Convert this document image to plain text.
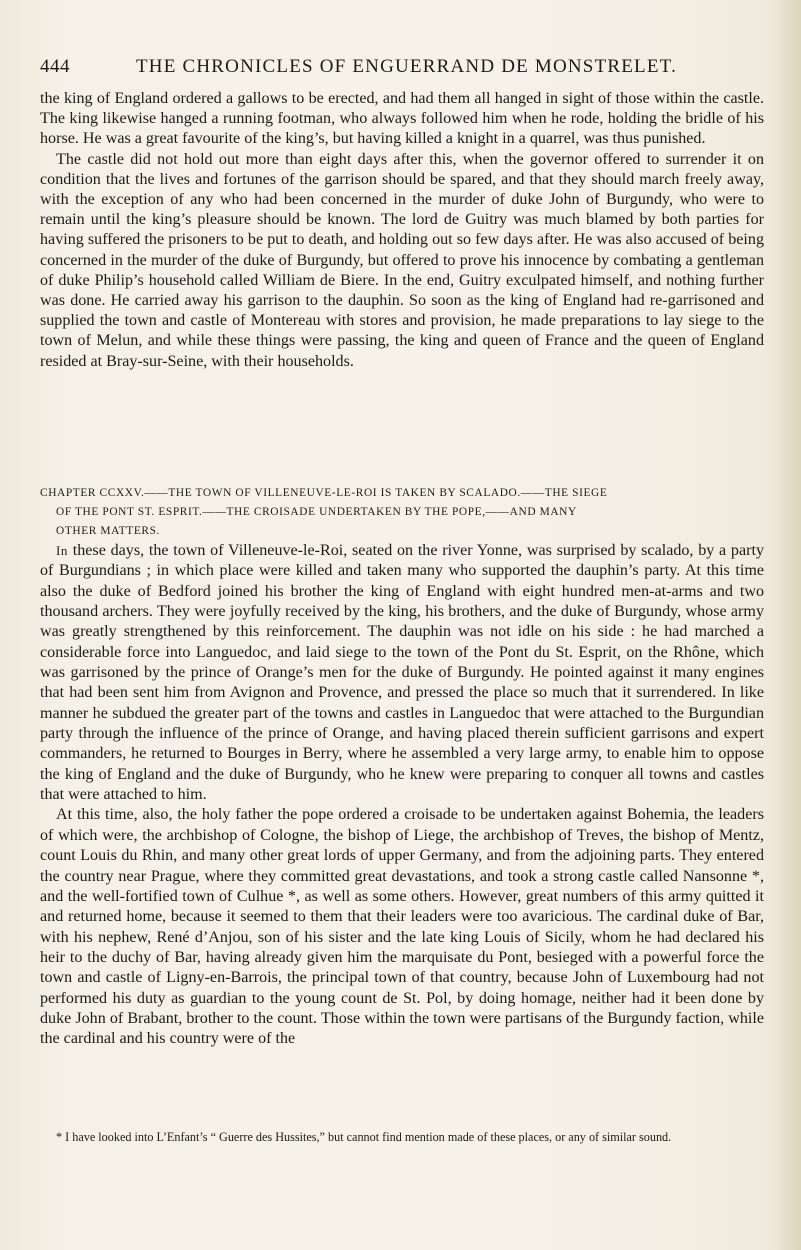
444	THE CHRONICLES OF ENGUERRAND DE MONSTRELET.

the king of England ordered a gallows to be erected, and had them all hanged in sight of those within the castle. The king likewise hanged a running footman, who always followed him when he rode, holding the bridle of his horse. He was a great favourite of the king’s, but having killed a knight in a quarrel, was thus punished.

The castle did not hold out more than eight days after this, when the governor offered to surrender it on condition that the lives and fortunes of the garrison should be spared, and that they should march freely away, with the exception of any who had been concerned in the murder of duke John of Burgundy, who were to remain until the king’s pleasure should be known. The lord de Guitry was much blamed by both parties for having suffered the prisoners to be put to death, and holding out so few days after. He was also accused of being concerned in the murder of the duke of Burgundy, but offered to prove his innocence by combating a gentleman of duke Philip’s household called William de Biere. In the end, Guitry exculpated himself, and nothing further was done. He carried away his garrison to the dauphin. So soon as the king of England had re-garrisoned and supplied the town and castle of Montereau with stores and provision, he made preparations to lay siege to the town of Melun, and while these things were passing, the king and queen of France and the queen of England resided at Bray-sur-Seine, with their households.

CHAPTER CCXXV.——THE TOWN OF VILLENEUVE-LE-ROI IS TAKEN BY SCALADO.——THE SIEGE
OF THE PONT ST. ESPRIT.——THE CROISADE UNDERTAKEN BY THE POPE,——AND MANY
OTHER MATTERS.

In these days, the town of Villeneuve-le-Roi, seated on the river Yonne, was surprised by scalado, by a party of Burgundians ; in which place were killed and taken many who supported the dauphin’s party. At this time also the duke of Bedford joined his brother the king of England with eight hundred men-at-arms and two thousand archers. They were joyfully received by the king, his brothers, and the duke of Burgundy, whose army was greatly strengthened by this reinforcement. The dauphin was not idle on his side : he had marched a considerable force into Languedoc, and laid siege to the town of the Pont du St. Esprit, on the Rhône, which was garrisoned by the prince of Orange’s men for the duke of Burgundy. He pointed against it many engines that had been sent him from Avignon and Provence, and pressed the place so much that it surrendered. In like manner he subdued the greater part of the towns and castles in Languedoc that were attached to the Burgundian party through the influence of the prince of Orange, and having placed therein sufficient garrisons and expert commanders, he returned to Bourges in Berry, where he assembled a very large army, to enable him to oppose the king of England and the duke of Burgundy, who he knew were preparing to conquer all towns and castles that were attached to him.

At this time, also, the holy father the pope ordered a croisade to be undertaken against Bohemia, the leaders of which were, the archbishop of Cologne, the bishop of Liege, the archbishop of Treves, the bishop of Mentz, count Louis du Rhin, and many other great lords of upper Germany, and from the adjoining parts. They entered the country near Prague, where they committed great devastations, and took a strong castle called Nansonne *, and the well-fortified town of Culhue *, as well as some others. However, great numbers of this army quitted it and returned home, because it seemed to them that their leaders were too avaricious. The cardinal duke of Bar, with his nephew, René d’Anjou, son of his sister and the late king Louis of Sicily, whom he had declared his heir to the duchy of Bar, having already given him the marquisate du Pont, besieged with a powerful force the town and castle of Ligny-en-Barrois, the principal town of that country, because John of Luxembourg had not performed his duty as guardian to the young count de St. Pol, by doing homage, neither had it been done by duke John of Brabant, brother to the count. Those within the town were partisans of the Burgundy faction, while the cardinal and his country were of the

* I have looked into L’Enfant’s “ Guerre des Hussites,” but cannot find mention made of these places, or any of similar sound.
